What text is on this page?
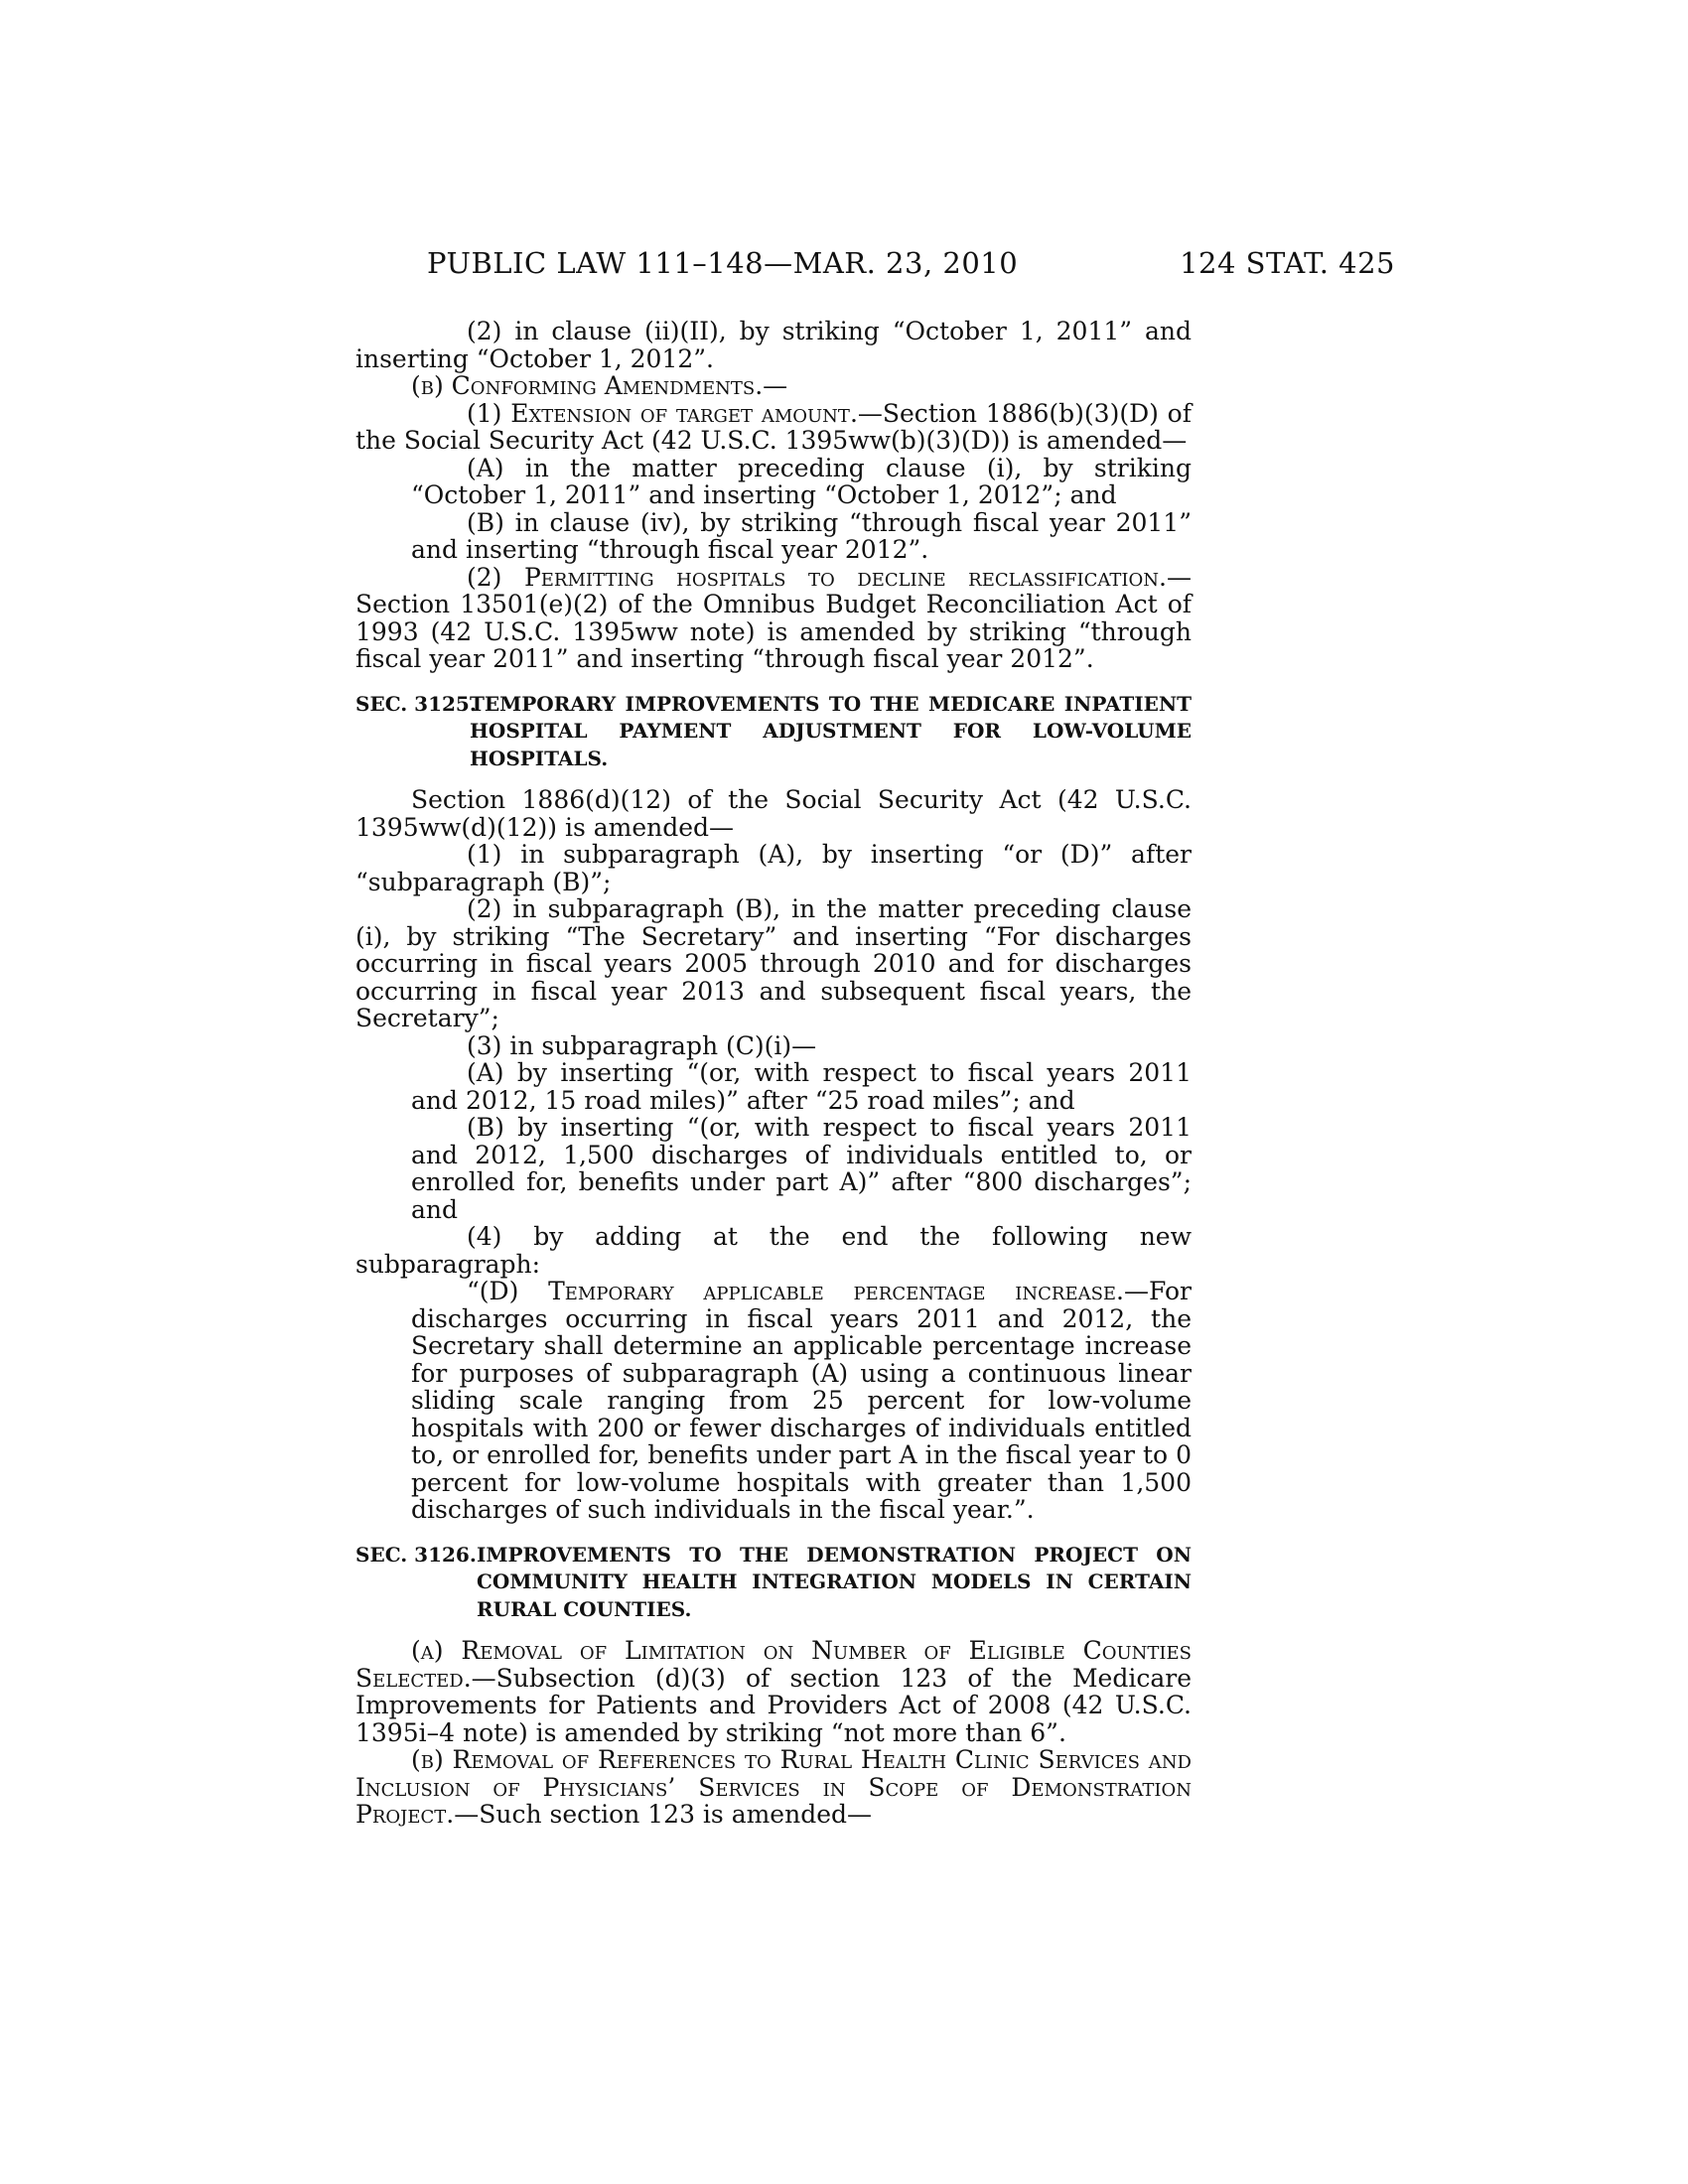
PUBLIC LAW 111–148—MAR. 23, 2010	124 STAT. 425

(2) in clause (ii)(II), by striking “October 1, 2011” and inserting “October 1, 2012”.

(b) Conforming Amendments.—

(1) Extension of target amount.—Section 1886(b)(3)(D) of the Social Security Act (42 U.S.C. 1395ww(b)(3)(D)) is amended—

(A) in the matter preceding clause (i), by striking “October 1, 2011” and inserting “October 1, 2012”; and

(B) in clause (iv), by striking “through fiscal year 2011” and inserting “through fiscal year 2012”.

(2) Permitting hospitals to decline reclassification.—Section 13501(e)(2) of the Omnibus Budget Reconciliation Act of 1993 (42 U.S.C. 1395ww note) is amended by striking “through fiscal year 2011” and inserting “through fiscal year 2012”.

SEC. 3125.
TEMPORARY IMPROVEMENTS TO THE MEDICARE INPATIENT HOSPITAL PAYMENT ADJUSTMENT FOR LOW-VOLUME HOSPITALS.

Section 1886(d)(12) of the Social Security Act (42 U.S.C. 1395ww(d)(12)) is amended—

(1) in subparagraph (A), by inserting “or (D)” after “subparagraph (B)”;

(2) in subparagraph (B), in the matter preceding clause (i), by striking “The Secretary” and inserting “For discharges occurring in fiscal years 2005 through 2010 and for discharges occurring in fiscal year 2013 and subsequent fiscal years, the Secretary”;

(3) in subparagraph (C)(i)—

(A) by inserting “(or, with respect to fiscal years 2011 and 2012, 15 road miles)” after “25 road miles”; and

(B) by inserting “(or, with respect to fiscal years 2011 and 2012, 1,500 discharges of individuals entitled to, or enrolled for, benefits under part A)” after “800 discharges”; and

(4) by adding at the end the following new subparagraph:

“(D) Temporary applicable percentage increase.—For discharges occurring in fiscal years 2011 and 2012, the Secretary shall determine an applicable percentage increase for purposes of subparagraph (A) using a continuous linear sliding scale ranging from 25 percent for low-volume hospitals with 200 or fewer discharges of individuals entitled to, or enrolled for, benefits under part A in the fiscal year to 0 percent for low-volume hospitals with greater than 1,500 discharges of such individuals in the fiscal year.”.

SEC. 3126. IMPROVEMENTS TO THE DEMONSTRATION PROJECT ON COMMUNITY HEALTH INTEGRATION MODELS IN CERTAIN RURAL COUNTIES.

(a) Removal of Limitation on Number of Eligible Counties Selected.—Subsection (d)(3) of section 123 of the Medicare Improvements for Patients and Providers Act of 2008 (42 U.S.C. 1395i–4 note) is amended by striking “not more than 6”.

(b) Removal of References to Rural Health Clinic Services and Inclusion of Physicians’ Services in Scope of Demonstration Project.—Such section 123 is amended—
